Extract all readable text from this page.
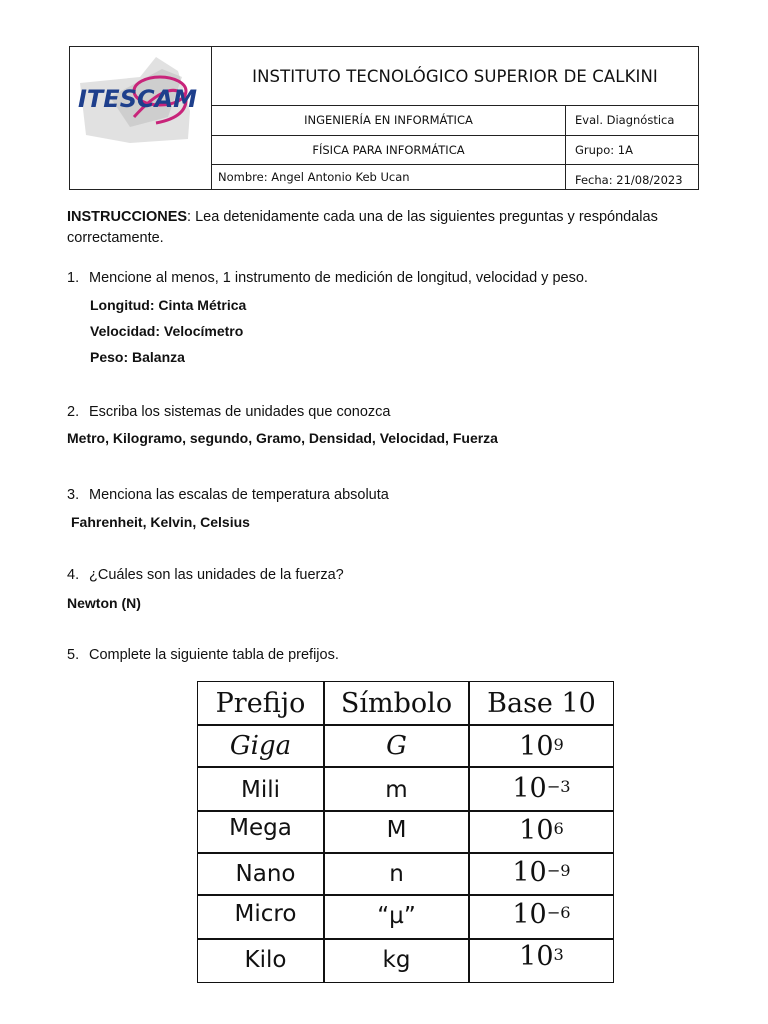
ITESCAM
INSTITUTO TECNOLÓGICO SUPERIOR DE CALKINI
INGENIERÍA EN INFORMÁTICA	Eval. Diagnóstica
FÍSICA PARA INFORMÁTICA	Grupo: 1A
Nombre: Angel Antonio Keb Ucan	Fecha: 21/08/2023
INSTRUCCIONES: Lea detenidamente cada una de las siguientes preguntas y respóndalas
correctamente.
1. Mencione al menos, 1 instrumento de medición de longitud, velocidad y peso.
Longitud: Cinta Métrica
Velocidad: Velocímetro
Peso: Balanza
2. Escriba los sistemas de unidades que conozca
Metro, Kilogramo, segundo, Gramo, Densidad, Velocidad, Fuerza
3. Menciona las escalas de temperatura absoluta
Fahrenheit, Kelvin, Celsius
4. ¿Cuáles son las unidades de la fuerza?
Newton (N)
5. Complete la siguiente tabla de prefijos.
Prefijo	Símbolo	Base 10
Giga	G	$10^9$
Mili	m	$10^{-3}$
Mega	M	$10^6$
Nano	n	$10^{-9}$
Micro	“µ”	$10^{-6}$
Kilo	kg	$10^3$
